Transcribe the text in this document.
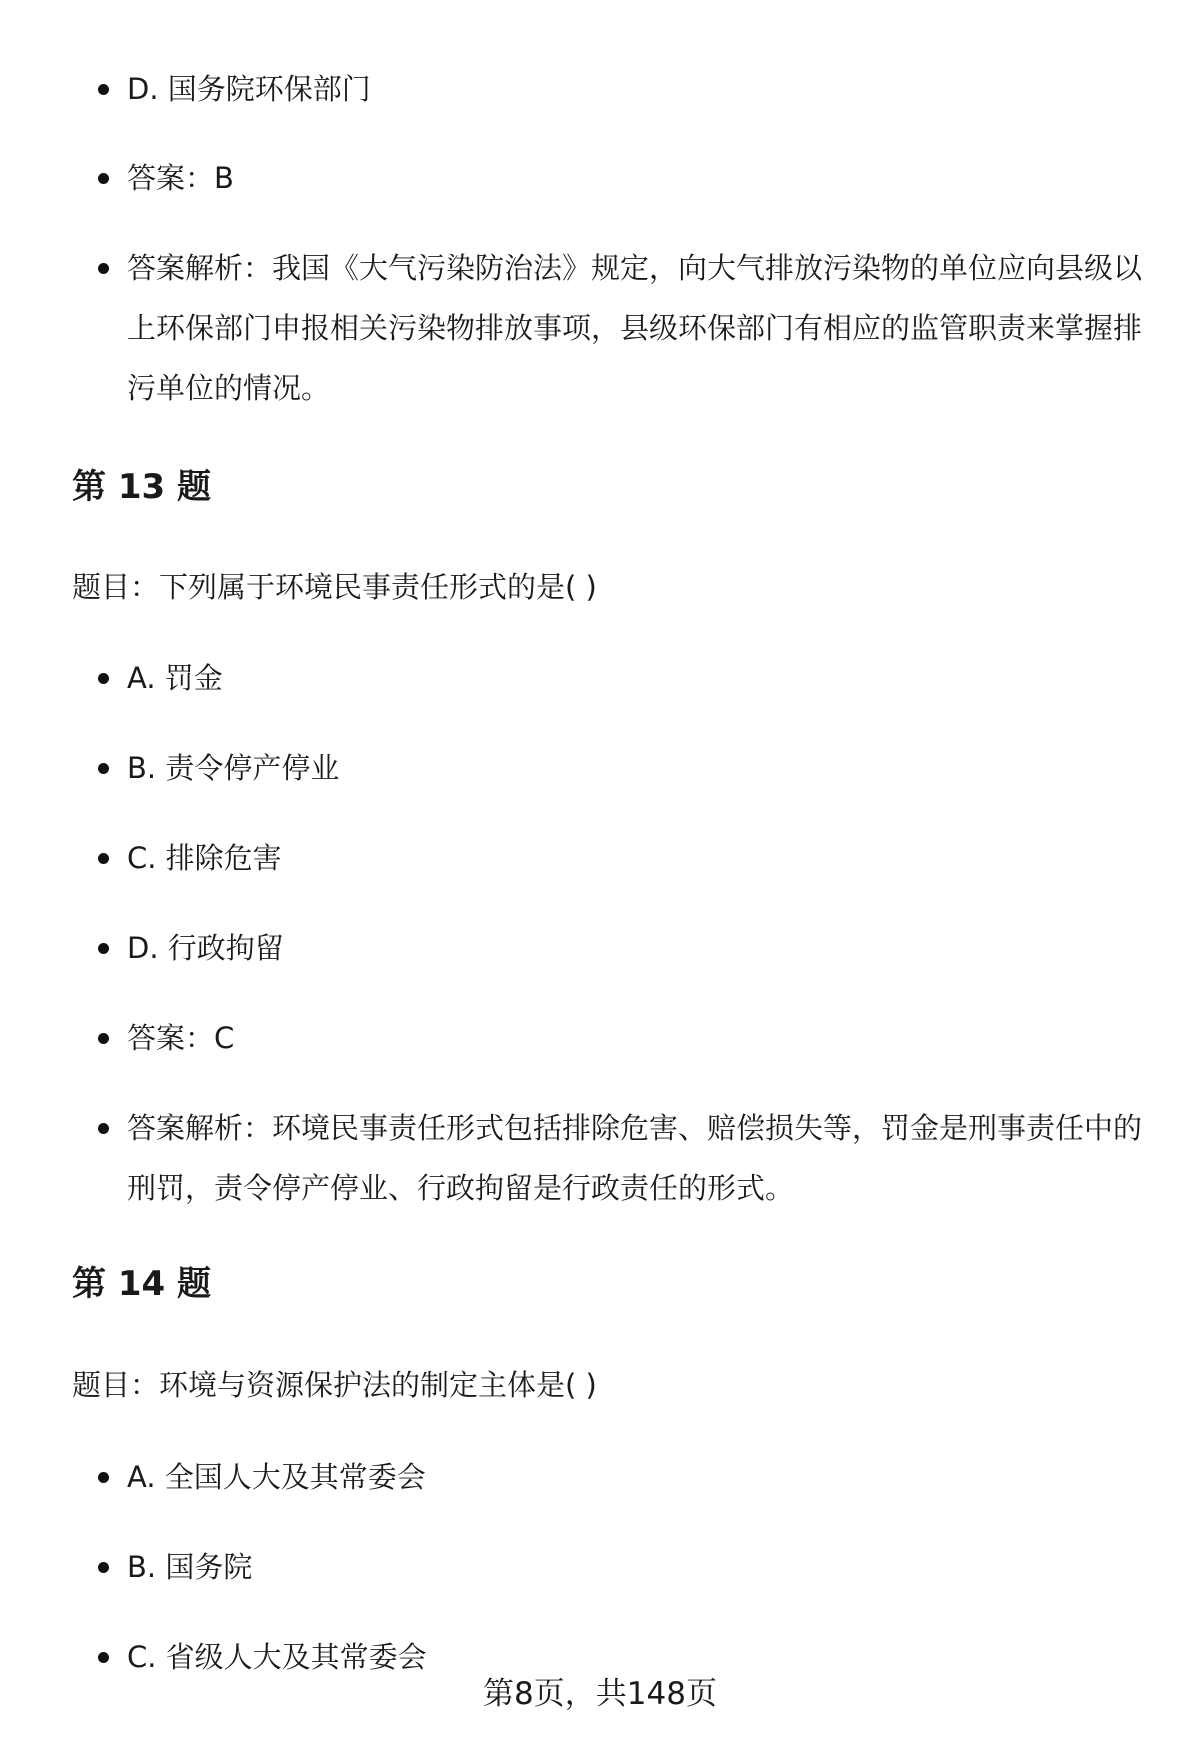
D. 国务院环保部门
答案：B
答案解析：我国《大气污染防治法》规定，向大气排放污染物的单位应向县级以上环保部门申报相关污染物排放事项，县级环保部门有相应的监管职责来掌握排污单位的情况。
第 13 题
题目：下列属于环境民事责任形式的是( )
A. 罚金
B. 责令停产停业
C. 排除危害
D. 行政拘留
答案：C
答案解析：环境民事责任形式包括排除危害、赔偿损失等，罚金是刑事责任中的刑罚，责令停产停业、行政拘留是行政责任的形式。
第 14 题
题目：环境与资源保护法的制定主体是( )
A. 全国人大及其常委会
B. 国务院
C. 省级人大及其常委会
第8页，共148页
